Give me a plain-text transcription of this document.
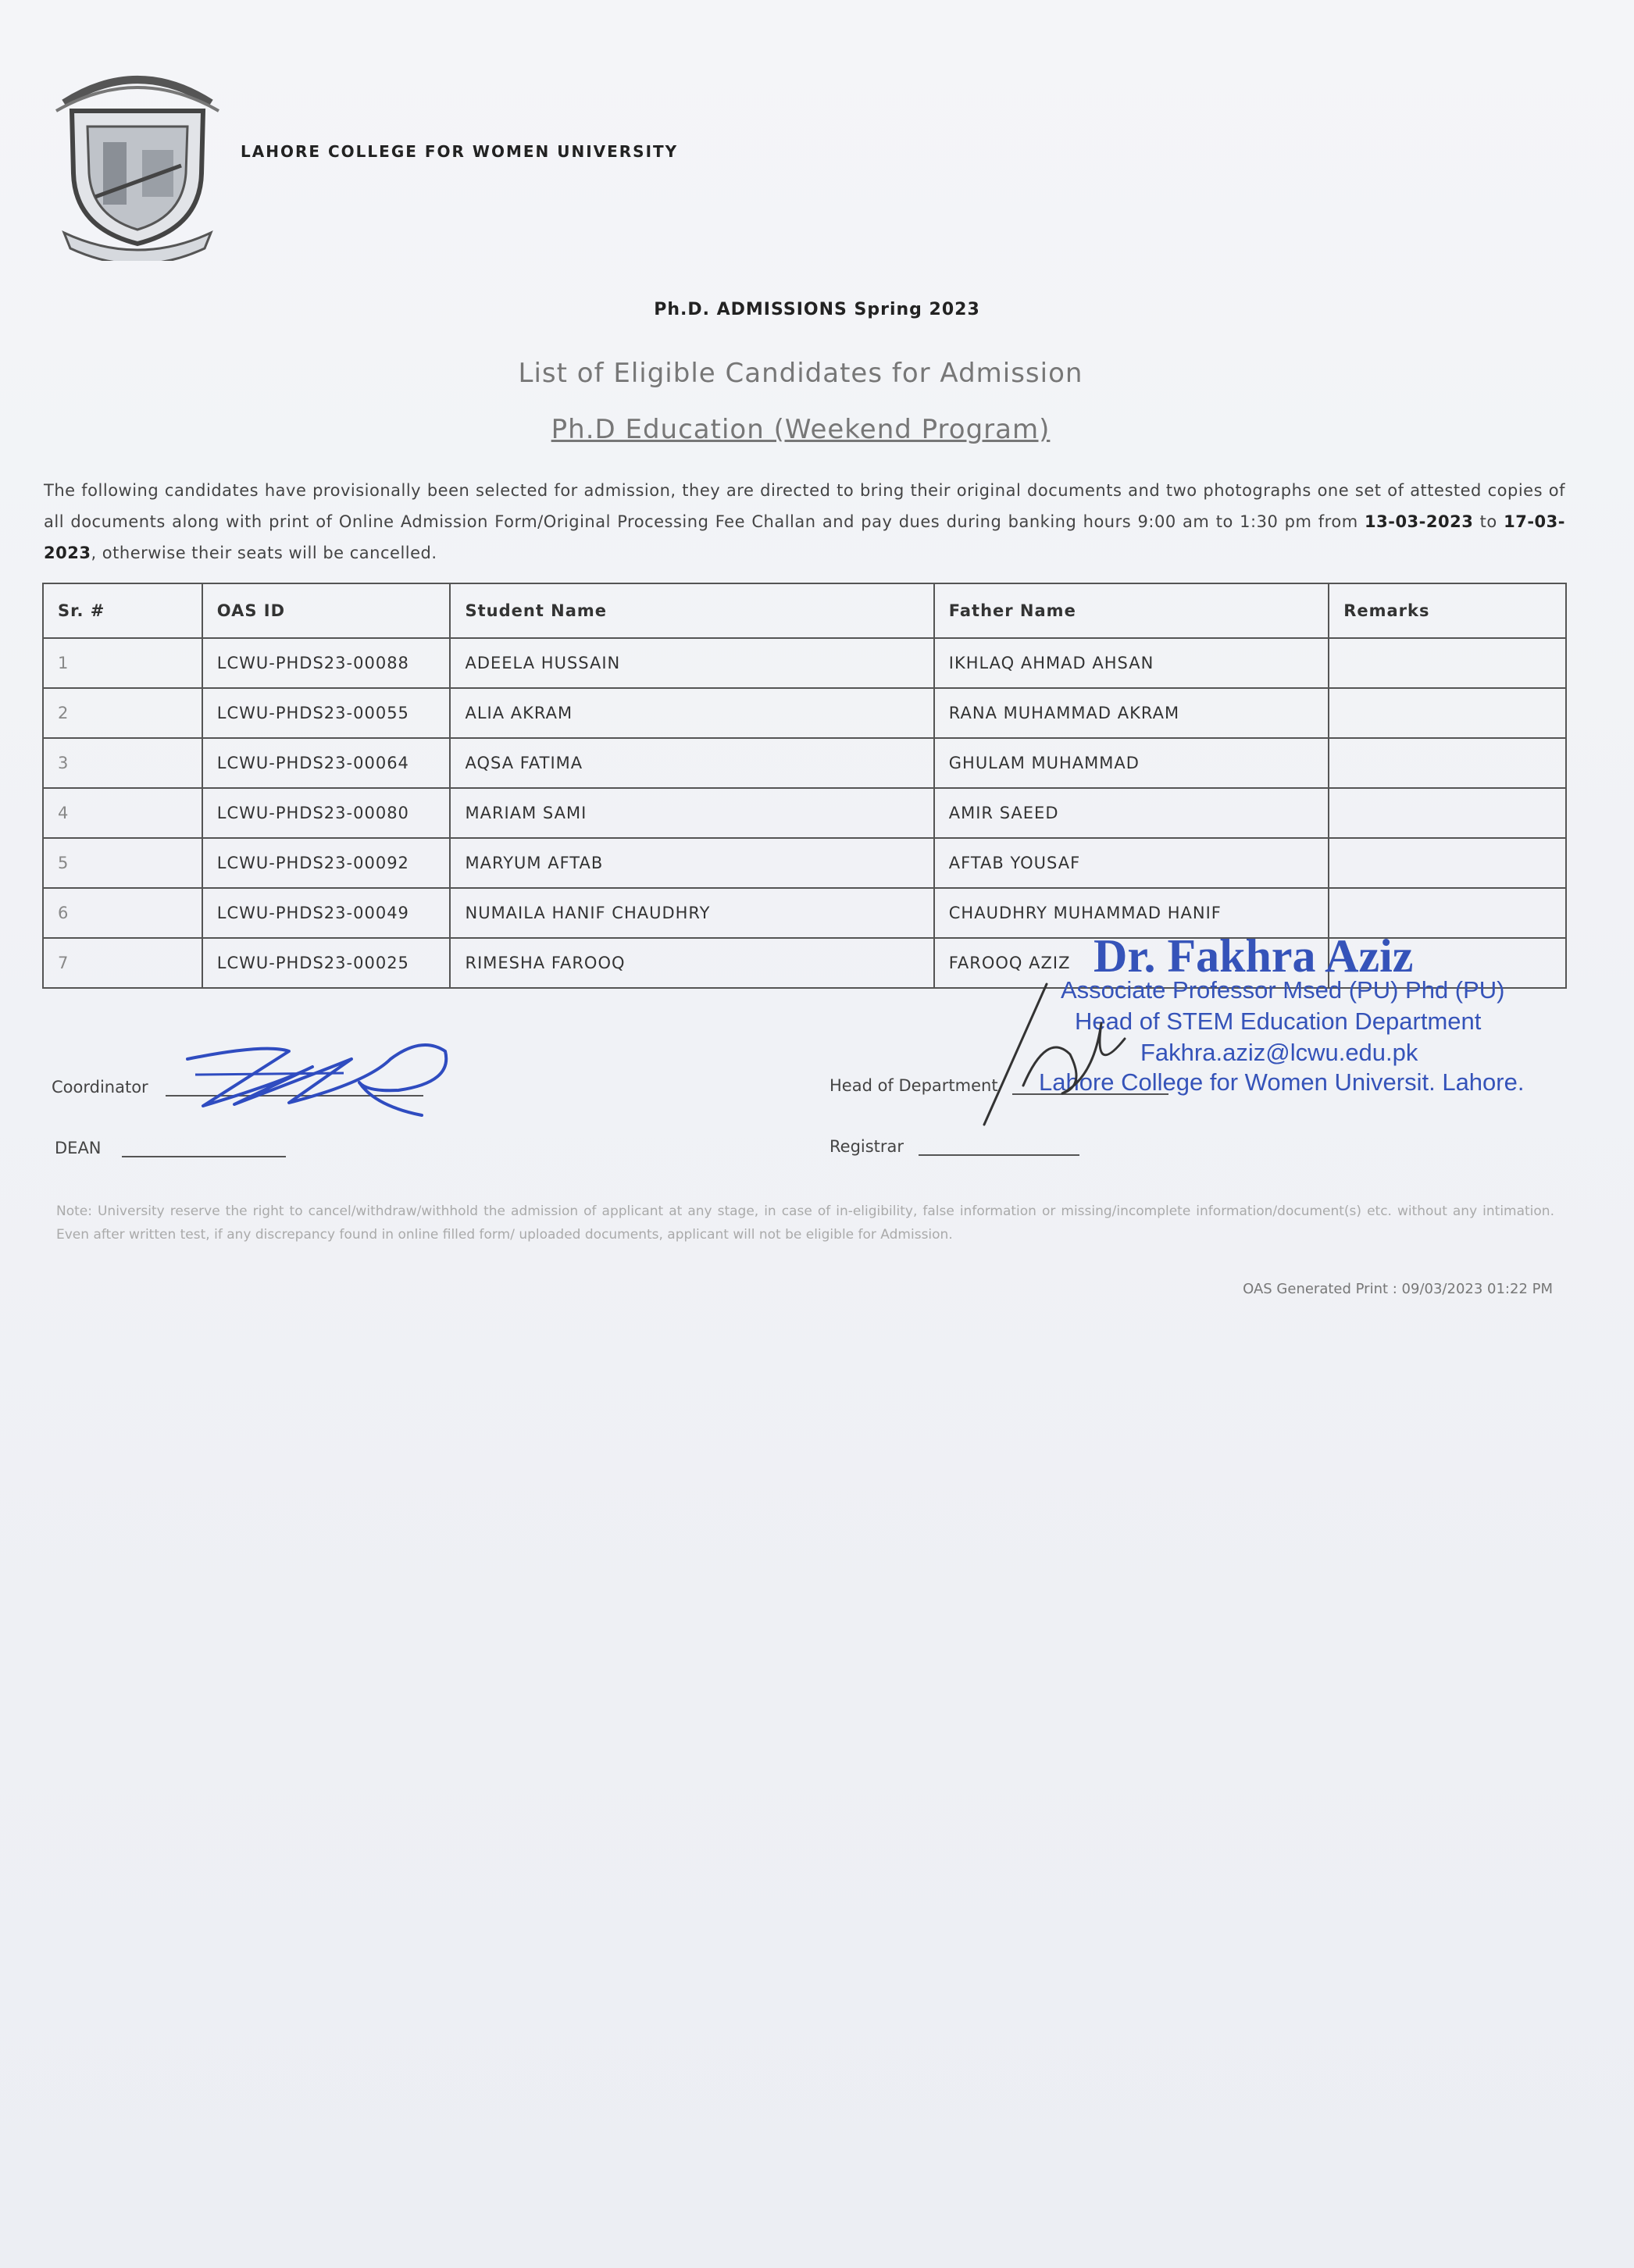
LAHORE COLLEGE FOR WOMEN UNIVERSITY
Ph.D. ADMISSIONS Spring 2023
List of Eligible Candidates for Admission
Ph.D Education (Weekend Program)
The following candidates have provisionally been selected for admission, they are directed to bring their original documents and two photographs one set of attested copies of all documents along with print of Online Admission Form/Original Processing Fee Challan and pay dues during banking hours 9:00 am to 1:30 pm from 13-03-2023 to 17-03-2023, otherwise their seats will be cancelled.
Sr. #	OAS ID	Student Name	Father Name	Remarks
1	LCWU-PHDS23-00088	ADEELA HUSSAIN	IKHLAQ AHMAD AHSAN	
2	LCWU-PHDS23-00055	ALIA AKRAM	RANA MUHAMMAD AKRAM	
3	LCWU-PHDS23-00064	AQSA FATIMA	GHULAM MUHAMMAD	
4	LCWU-PHDS23-00080	MARIAM SAMI	AMIR SAEED	
5	LCWU-PHDS23-00092	MARYUM AFTAB	AFTAB YOUSAF	
6	LCWU-PHDS23-00049	NUMAILA HANIF CHAUDHRY	CHAUDHRY MUHAMMAD HANIF	
7	LCWU-PHDS23-00025	RIMESHA FAROOQ	FAROOQ AZIZ	
Coordinator
DEAN
Head of Department
Registrar
Dr. Fakhra Aziz
Associate Professor Msed (PU) Phd (PU)
Head of STEM Education Department
Fakhra.aziz@lcwu.edu.pk
Lahore College for Women Universit. Lahore.
Note: University reserve the right to cancel/withdraw/withhold the admission of applicant at any stage, in case of in-eligibility, false information or missing/incomplete information/document(s) etc. without any intimation. Even after written test, if any discrepancy found in online filled form/ uploaded documents, applicant will not be eligible for Admission.
OAS Generated Print : 09/03/2023 01:22 PM
